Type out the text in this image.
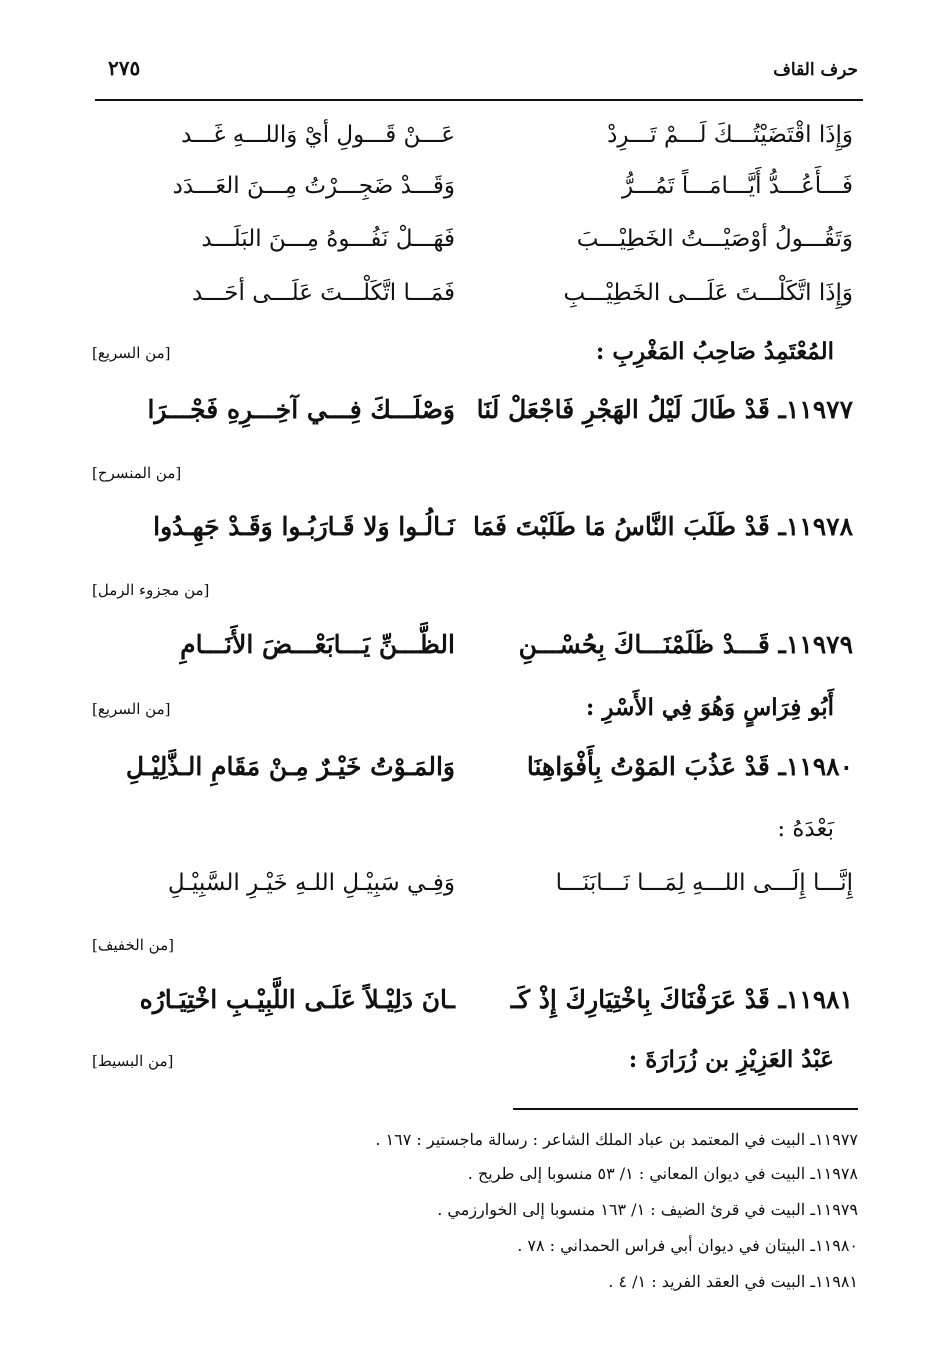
حرف القاف
٢٧٥
وَإِذَا اقْتَضَيْتُـــكَ لَـــمْ تَـــرِدْ
عَـــنْ قَـــولِ أيْ وَاللـــهِ غَـــد
فَـــأَعُـــدُّ أَيَّـــامَـــاً تَمُـــرُّ
وَقَـــدْ ضَجِـــرْتُ مِـــنَ العَـــدَد
وَتَقُـــولُ أوْصَيْـــتُ الخَطِيْـــبَ
فَهَـــلْ نَفُـــوهُ مِـــنَ البَلَـــد
وَإِذَا اتَّكَلْـــتَ عَلَـــى الخَطِيْـــبِ
فَمَـــا اتَّكَلْـــتَ عَلَـــى أحَـــد
المُعْتَمِدُ صَاحِبُ المَغْرِبِ :
[من السريع]
١١٩٧٧ـ قَدْ طَالَ لَيْلُ الهَجْرِ فَاجْعَلْ لَنَا
وَصْلَـــكَ فِـــي آخِـــرِهِ فَجْـــرَا
[من المنسرح]
١١٩٧٨ـ قَدْ طَلَبَ النَّاسُ مَا طَلَبْتَ فَمَا
نَـالُـوا وَلا قَـارَبُـوا وَقَـدْ جَهِـدُوا
[من مجزوء الرمل]
١١٩٧٩ـ قَـــدْ ظَلَمْنَـــاكَ بِحُسْـــنِ
الظَّـــنِّ يَـــابَعْـــضَ الأَنَـــامِ
أَبُو فِرَاسٍ وَهُوَ فِي الأَسْرِ :
[من السريع]
١١٩٨٠ـ قَدْ عَذُبَ المَوْتُ بِأَفْوَاهِنَا
وَالمَـوْتُ خَيْـرٌ مِـنْ مَقَامِ الـذَّلِيْـلِ
بَعْدَهُ :
إِنَّـــا إِلَـــى اللـــهِ لِمَـــا نَـــابَنَـــا
وَفِـي سَبِيْـلِ اللـهِ خَيْـرِ السَّبِيْـلِ
[من الخفيف]
١١٩٨١ـ قَدْ عَرَفْنَاكَ بِاخْتِيَارِكَ إِذْ كَـ
ـانَ دَلِيْـلاً عَلَـى اللَّبِيْـبِ اخْتِيَـارُه
عَبْدُ العَزِيْزِ بن زُرَارَةَ :
[من البسيط]
١١٩٧٧ـ البيت في المعتمد بن عباد الملك الشاعر : رسالة ماجستير : ١٦٧ .
١١٩٧٨ـ البيت في ديوان المعاني : ١/ ٥٣ منسوبا إلى طريح .
١١٩٧٩ـ البيت في قرئ الضيف : ١/ ١٦٣ منسوبا إلى الخوارزمي .
١١٩٨٠ـ البيتان في ديوان أبي فراس الحمداني : ٧٨ .
١١٩٨١ـ البيت في العقد الفريد : ١/ ٤ .
